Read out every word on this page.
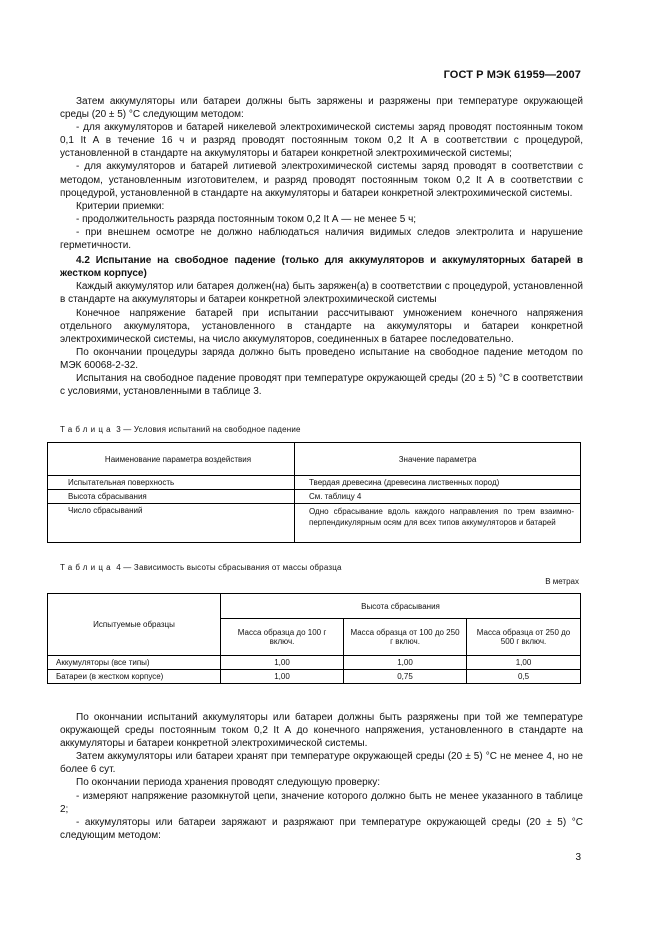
ГОСТ Р МЭК 61959—2007

Затем аккумуляторы или батареи должны быть заряжены и разряжены при температуре окружающей среды (20 ± 5) °С следующим методом:

- для аккумуляторов и батарей никелевой электрохимической системы заряд проводят постоянным током 0,1 It А в течение 16 ч и разряд проводят постоянным током 0,2 It А в соответствии с процедурой, установленной в стандарте на аккумуляторы и батареи конкретной электрохимической системы;

- для аккумуляторов и батарей литиевой электрохимической системы заряд проводят в соответствии с методом, установленным изготовителем, и разряд проводят постоянным током 0,2 It А в соответствии с процедурой, установленной в стандарте на аккумуляторы и батареи конкретной электрохимической системы.

Критерии приемки:

- продолжительность разряда постоянным током 0,2 It А — не менее 5 ч;

- при внешнем осмотре не должно наблюдаться наличия видимых следов электролита и нарушение герметичности.

4.2 Испытание на свободное падение (только для аккумуляторов и аккумуляторных батарей в жестком корпусе)

Каждый аккумулятор или батарея должен(на) быть заряжен(а) в соответствии с процедурой, установленной в стандарте на аккумуляторы и батареи конкретной электрохимической системы

Конечное напряжение батарей при испытании рассчитывают умножением конечного напряжения отдельного аккумулятора, установленного в стандарте на аккумуляторы и батареи конкретной электрохимической системы, на число аккумуляторов, соединенных в батарее последовательно.

По окончании процедуры заряда должно быть проведено испытание на свободное падение методом по МЭК 60068-2-32.

Испытания на свободное падение проводят при температуре окружающей среды (20 ± 5) °С в соответствии с условиями, установленными в таблице 3.

Таблица 3 — Условия испытаний на свободное падение
Наименование параметра воздействия	Значение параметра
Испытательная поверхность	Твердая древесина (древесина лиственных пород)
Высота сбрасывания	См. таблицу 4
Число сбрасываний	Одно сбрасывание вдоль каждого направления по трем взаимно-перпендикулярным осям для всех типов аккумуляторов и батарей
Таблица 4 — Зависимость высоты сбрасывания от массы образца
В метрах
Испытуемые образцы	Высота сбрасывания		
	Масса образца до 100 г включ.	Масса образца от 100 до 250 г включ.	Масса образца от 250 до 500 г включ.
Аккумуляторы (все типы)	1,00	1,00	1,00
Батареи (в жестком корпусе)	1,00	0,75	0,5

По окончании испытаний аккумуляторы или батареи должны быть разряжены при той же температуре окружающей среды постоянным током 0,2 It А до конечного напряжения, установленного в стандарте на аккумуляторы и батареи конкретной электрохимической системы.

Затем аккумуляторы или батареи хранят при температуре окружающей среды (20 ± 5) °С не менее 4, но не более 6 сут.

По окончании периода хранения проводят следующую проверку:

- измеряют напряжение разомкнутой цепи, значение которого должно быть не менее указанного в таблице 2;

- аккумуляторы или батареи заряжают и разряжают при температуре окружающей среды (20 ± 5) °С следующим методом:

3
